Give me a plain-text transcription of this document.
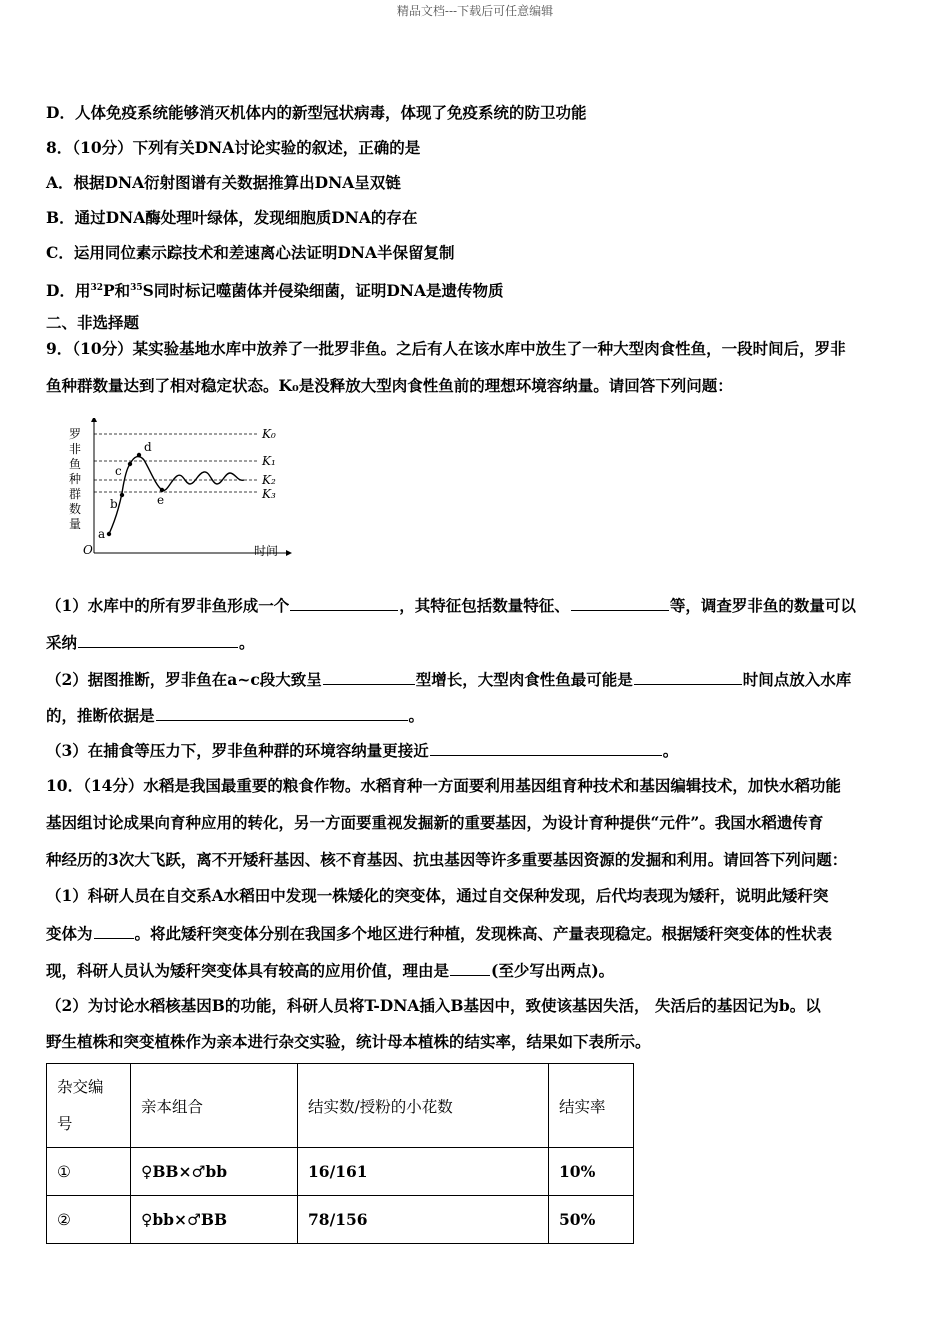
精品文档---下载后可任意编辑
D．人体免疫系统能够消灭机体内的新型冠状病毒，体现了免疫系统的防卫功能
8．（10分）下列有关DNA讨论实验的叙述，正确的是
A．根据DNA衍射图谱有关数据推算出DNA呈双链
B．通过DNA酶处理叶绿体，发现细胞质DNA的存在
C．运用同位素示踪技术和差速离心法证明DNA半保留复制
D．用$^{32}$P和$^{35}$S同时标记噬菌体并侵染细菌，证明DNA是遗传物质
二、非选择题
9．（10分）某实验基地水库中放养了一批罗非鱼。之后有人在该水库中放生了一种大型肉食性鱼，一段时间后，罗非
鱼种群数量达到了相对稳定状态。K₀是没释放大型肉食性鱼前的理想环境容纳量。请回答下列问题：
罗
非
鱼
种
群
数
量
O	时间
K₀
K₁
K₂
K₃
a
b
c
d
e
（1）水库中的所有罗非鱼形成一个	，其特征包括数量特征、	等，调查罗非鱼的数量可以
采纳	。
（2）据图推断，罗非鱼在a~c段大致呈	型增长，大型肉食性鱼最可能是	时间点放入水库
的，推断依据是	。
（3）在捕食等压力下，罗非鱼种群的环境容纳量更接近	。
10．（14分）水稻是我国最重要的粮食作物。水稻育种一方面要利用基因组育种技术和基因编辑技术，加快水稻功能
基因组讨论成果向育种应用的转化，另一方面要重视发掘新的重要基因，为设计育种提供“元件”。我国水稻遗传育
种经历的3次大飞跃，离不开矮秆基因、核不育基因、抗虫基因等许多重要基因资源的发掘和利用。请回答下列问题：
（1）科研人员在自交系A水稻田中发现一株矮化的突变体，通过自交保种发现，后代均表现为矮秆，说明此矮秆突
变体为	。将此矮秆突变体分别在我国多个地区进行种植，发现株高、产量表现稳定。根据矮秆突变体的性状表
现，科研人员认为矮秆突变体具有较高的应用价值，理由是	(至少写出两点)。
（2）为讨论水稻核基因B的功能，科研人员将T-DNA插入B基因中，致使该基因失活， 失活后的基因记为b。以
野生植株和突变植株作为亲本进行杂交实验，统计母本植株的结实率，结果如下表所示。
杂交编
号	亲本组合	结实数/授粉的小花数	结实率
①	♀BB×♂bb	16/161	10%
②	♀bb×♂BB	78/156	50%
